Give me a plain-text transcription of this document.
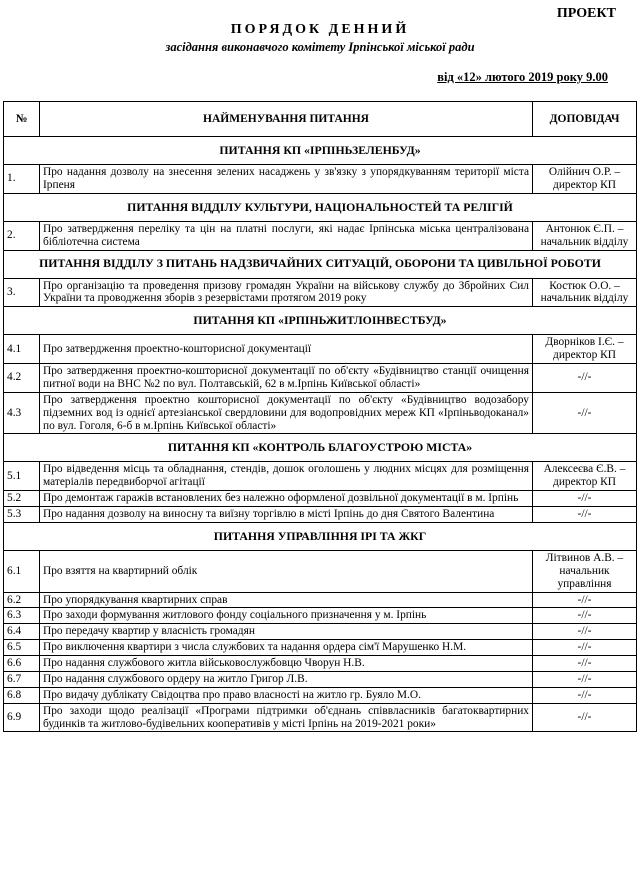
ПРОЕКТ
ПОРЯДОК ДЕННИЙ
засідання виконавчого комітету Ірпінської міської ради
від «12» лютого 2019 року 9.00
№	НАЙМЕНУВАННЯ ПИТАННЯ	ДОПОВІДАЧ
ПИТАННЯ КП «ІРПІНЬЗЕЛЕНБУД»		
1.	Про надання дозволу на знесення зелених насаджень у зв'язку з упорядкуванням території міста Ірпеня	Олійнич О.Р. – директор КП
ПИТАННЯ ВІДДІЛУ КУЛЬТУРИ, НАЦІОНАЛЬНОСТЕЙ ТА РЕЛІГІЙ		
2.	Про затвердження переліку та цін на платні послуги, які надає Ірпінська міська централізована бібліотечна система	Антонюк Є.П. – начальник відділу
ПИТАННЯ ВІДДІЛУ З ПИТАНЬ НАДЗВИЧАЙНИХ СИТУАЦІЙ, ОБОРОНИ ТА ЦИВІЛЬНОЇ РОБОТИ		
3.	Про організацію та проведення призову громадян України на військову службу до Збройних Сил України та проводження зборів з резервістами протягом 2019 року	Костюк О.О. – начальник відділу
ПИТАННЯ КП «ІРПІНЬЖИТЛОІНВЕСТБУД»		
4.1	Про затвердження проектно-кошторисної документації	Дворніков І.Є. – директор КП
4.2	Про затвердження проектно-кошторисної документації по об'єкту «Будівництво станції очищення питної води на ВНС №2 по вул. Полтавській, 62 в м.Ірпінь Київської області»	-//-
4.3	Про затвердження проектно кошторисної документації по об'єкту «Будівництво водозабору підземних вод із однієї артезіанської свердловини для водопровідних мереж КП «Ірпіньводоканал» по вул. Гоголя, 6-б в м.Ірпінь Київської області»	-//-
ПИТАННЯ КП «КОНТРОЛЬ БЛАГОУСТРОЮ МІСТА»		
5.1	Про відведення місць та обладнання, стендів, дошок оголошень у людних місцях для розміщення матеріалів передвиборчої агітації	Алексеєва Є.В. – директор КП
5.2	Про демонтаж гаражів встановлених без належно оформленої дозвільної документації в м. Ірпінь	-//-
5.3	Про надання дозволу на виносну та виїзну торгівлю в місті Ірпінь до дня Святого Валентина	-//-
ПИТАННЯ УПРАВЛІННЯ ІРІ ТА ЖКГ		
6.1	Про взяття на квартирний облік	Літвинов А.В. – начальник управління
6.2	Про упорядкування квартирних справ	-//-
6.3	Про заходи формування житлового фонду соціального призначення у м. Ірпінь	-//-
6.4	Про передачу квартир у власність громадян	-//-
6.5	Про виключення квартири з числа службових та надання ордера сім'ї Марушенко Н.М.	-//-
6.6	Про надання службового житла військовослужбовцю Чворун Н.В.	-//-
6.7	Про надання службового ордеру на житло Григор Л.В.	-//-
6.8	Про видачу дублікату Свідоцтва про право власності на житло гр. Буяло М.О.	-//-
6.9	Про заходи щодо реалізації «Програми підтримки об'єднань співвласників багатоквартирних будинків та житлово-будівельних кооперативів у місті Ірпінь на 2019-2021 роки»	-//-
